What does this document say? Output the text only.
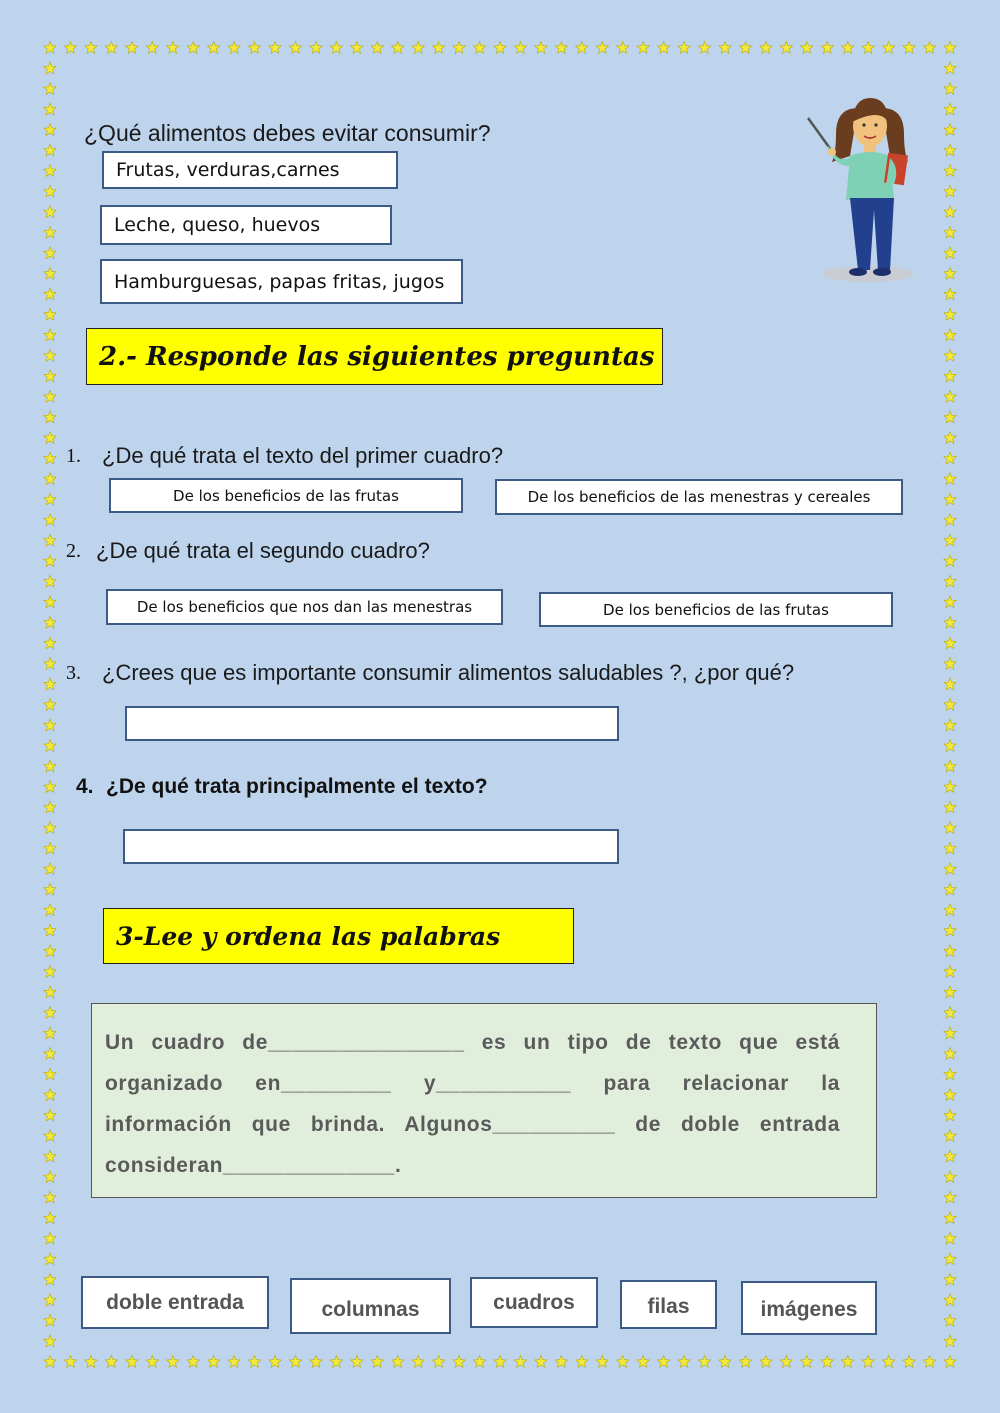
¿Qué alimentos debes evitar consumir?
Frutas, verduras,carnes
Leche, queso, huevos
Hamburguesas, papas fritas, jugos
2.- Responde las siguientes preguntas
1. ¿De qué trata el texto del primer cuadro?
De los beneficios de las frutas	De los beneficios de las menestras y cereales
2. ¿De qué trata el segundo cuadro?
De los beneficios que nos dan las menestras	De los beneficios de las frutas
3. ¿Crees que es importante consumir alimentos saludables ?, ¿por qué?
4. ¿De qué trata principalmente el texto?
3-Lee y ordena las palabras
Un cuadro de________________ es un tipo de texto que está organizado en_________ y___________ para relacionar la información que brinda. Algunos__________ de doble entrada consideran______________.
doble entrada	columnas	cuadros	filas	imágenes
